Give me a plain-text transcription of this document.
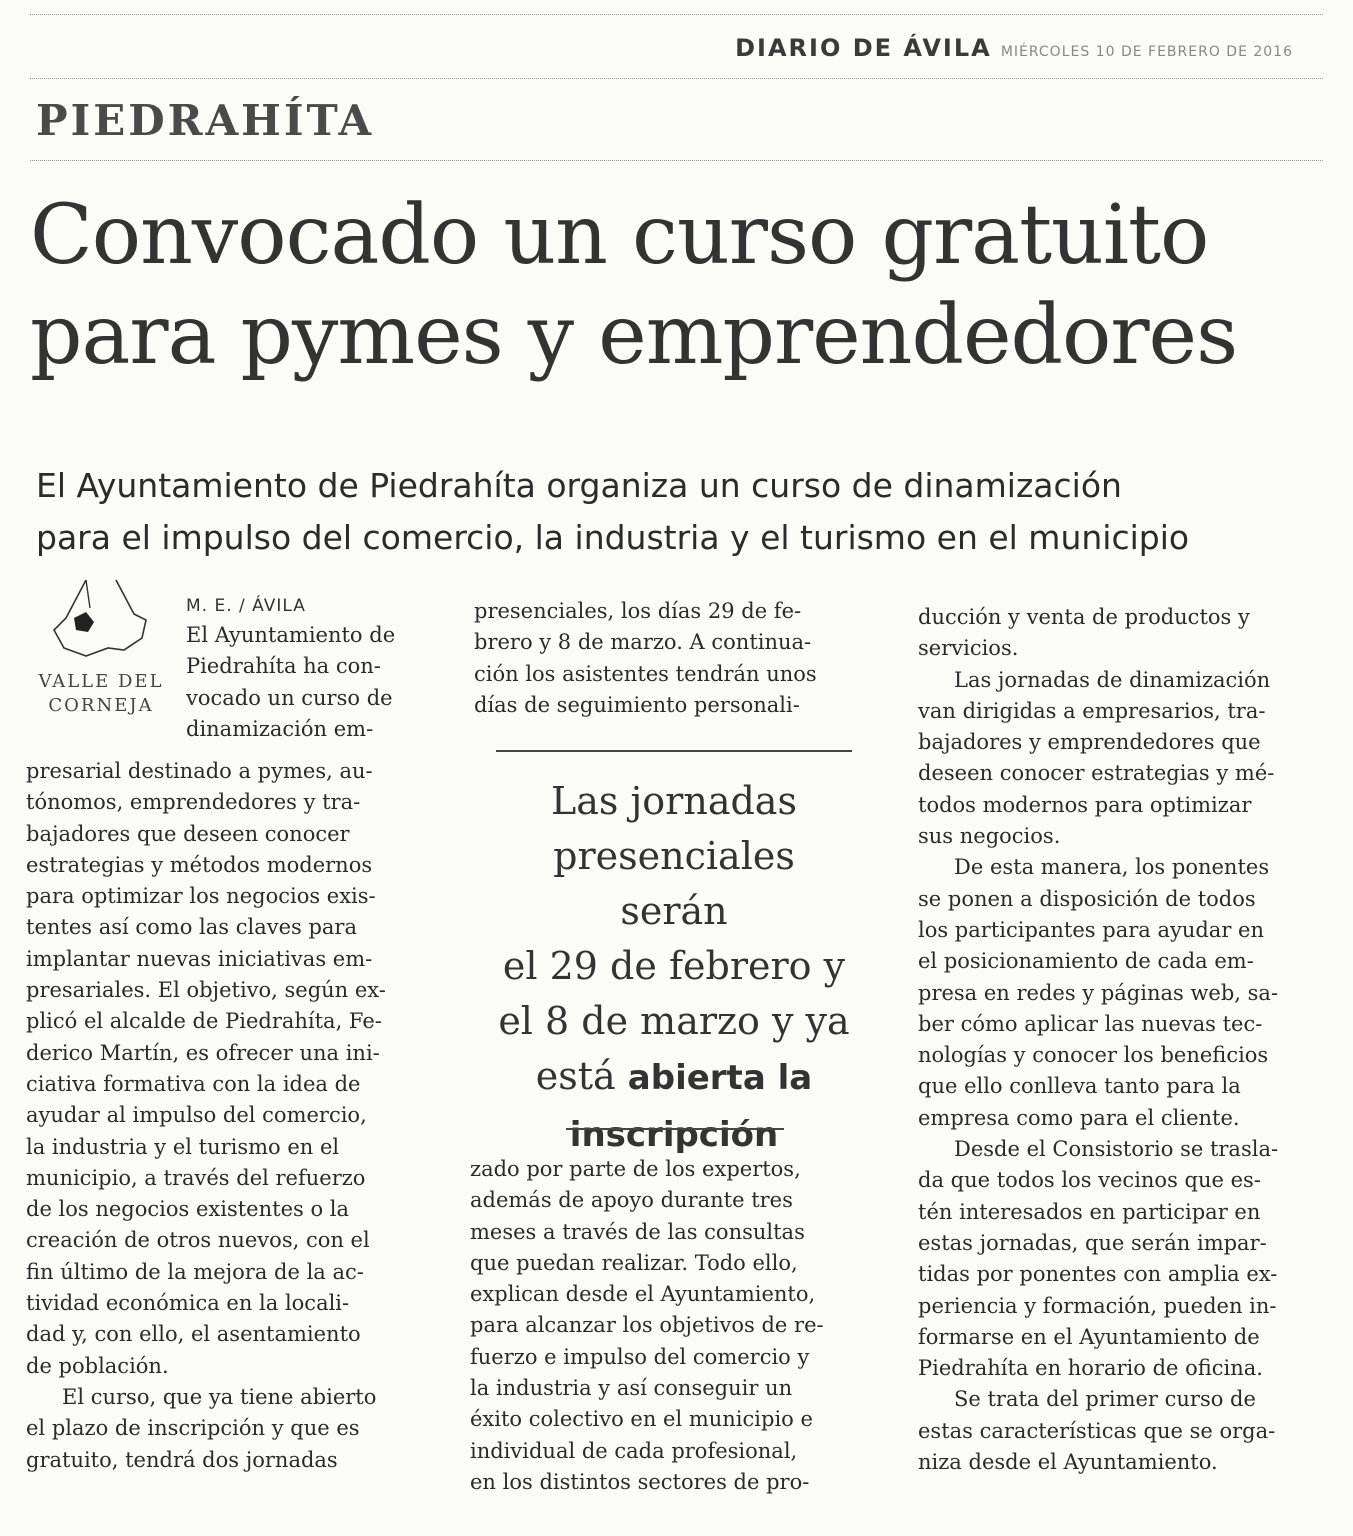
DIARIO DE ÁVILA MIÉRCOLES 10 DE FEBRERO DE 2016
PIEDRAHÍTA
Convocado un curso gratuito
para pymes y emprendedores
El Ayuntamiento de Piedrahíta organiza un curso de dinamización
para el impulso del comercio, la industria y el turismo en el municipio
VALLE DEL
CORNEJA
M. E. / ÁVILA
El Ayuntamiento de
Piedrahíta ha con-
vocado un curso de
dinamización em-
presarial destinado a pymes, au-
tónomos, emprendedores y tra-
bajadores que deseen conocer
estrategias y métodos modernos
para optimizar los negocios exis-
tentes así como las claves para
implantar nuevas iniciativas em-
presariales. El objetivo, según ex-
plicó el alcalde de Piedrahíta, Fe-
derico Martín, es ofrecer una ini-
ciativa formativa con la idea de
ayudar al impulso del comercio,
la industria y el turismo en el
municipio, a través del refuerzo
de los negocios existentes o la
creación de otros nuevos, con el
fin último de la mejora de la ac-
tividad económica en la locali-
dad y, con ello, el asentamiento
de población.
El curso, que ya tiene abierto
el plazo de inscripción y que es
gratuito, tendrá dos jornadas
presenciales, los días 29 de fe-
brero y 8 de marzo. A continua-
ción los asistentes tendrán unos
días de seguimiento personali-
Las jornadas
presenciales serán
el 29 de febrero y
el 8 de marzo y ya
está abierta la
inscripción
zado por parte de los expertos,
además de apoyo durante tres
meses a través de las consultas
que puedan realizar. Todo ello,
explican desde el Ayuntamiento,
para alcanzar los objetivos de re-
fuerzo e impulso del comercio y
la industria y así conseguir un
éxito colectivo en el municipio e
individual de cada profesional,
en los distintos sectores de pro-
ducción y venta de productos y
servicios.
Las jornadas de dinamización
van dirigidas a empresarios, tra-
bajadores y emprendedores que
deseen conocer estrategias y mé-
todos modernos para optimizar
sus negocios.
De esta manera, los ponentes
se ponen a disposición de todos
los participantes para ayudar en
el posicionamiento de cada em-
presa en redes y páginas web, sa-
ber cómo aplicar las nuevas tec-
nologías y conocer los beneficios
que ello conlleva tanto para la
empresa como para el cliente.
Desde el Consistorio se trasla-
da que todos los vecinos que es-
tén interesados en participar en
estas jornadas, que serán impar-
tidas por ponentes con amplia ex-
periencia y formación, pueden in-
formarse en el Ayuntamiento de
Piedrahíta en horario de oficina.
Se trata del primer curso de
estas características que se orga-
niza desde el Ayuntamiento.
